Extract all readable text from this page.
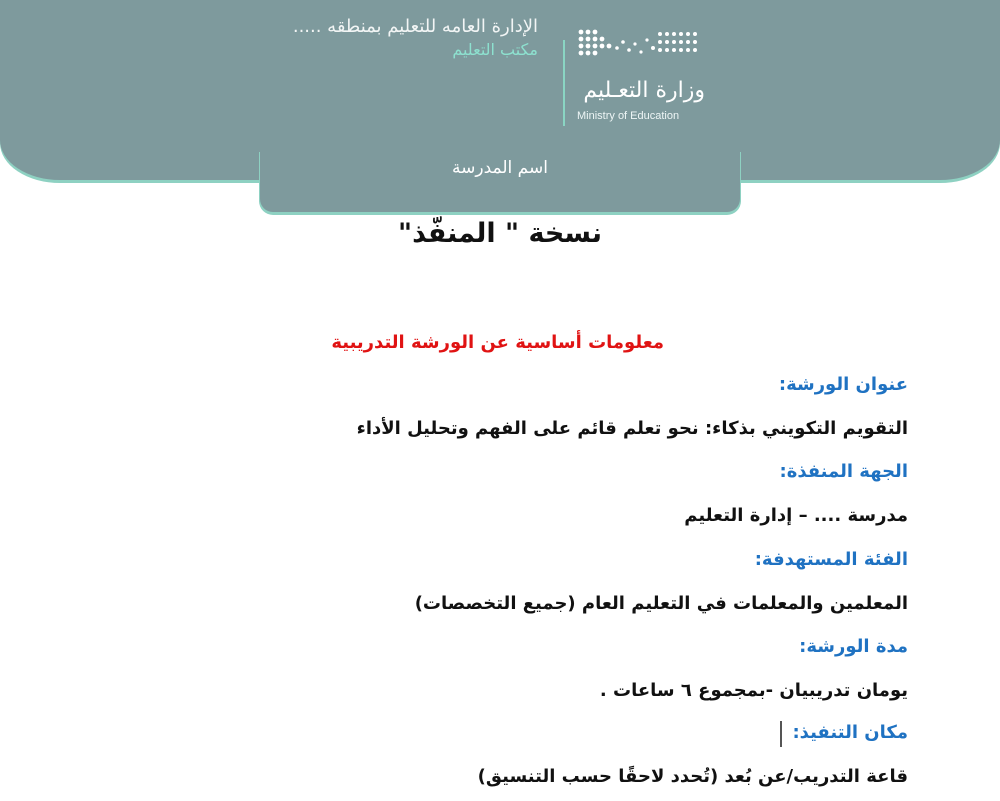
الإدارة العامه للتعليم بمنطقه .....
مكتب التعليم
وزارة التعـليم
Ministry of Education
اسم المدرسة
نسخة " المنفّذ"
معلومات أساسية عن الورشة التدريبية
عنوان الورشة:
التقويم التكويني بذكاء: نحو تعلم قائم على الفهم وتحليل الأداء
الجهة المنفذة:
مدرسة .... – إدارة التعليم
الفئة المستهدفة:
المعلمين والمعلمات في التعليم العام (جميع التخصصات)
مدة الورشة:
يومان تدريبيان -بمجموع ٦ ساعات .
مكان التنفيذ:
قاعة التدريب/عن بُعد (تُحدد لاحقًا حسب التنسيق)
